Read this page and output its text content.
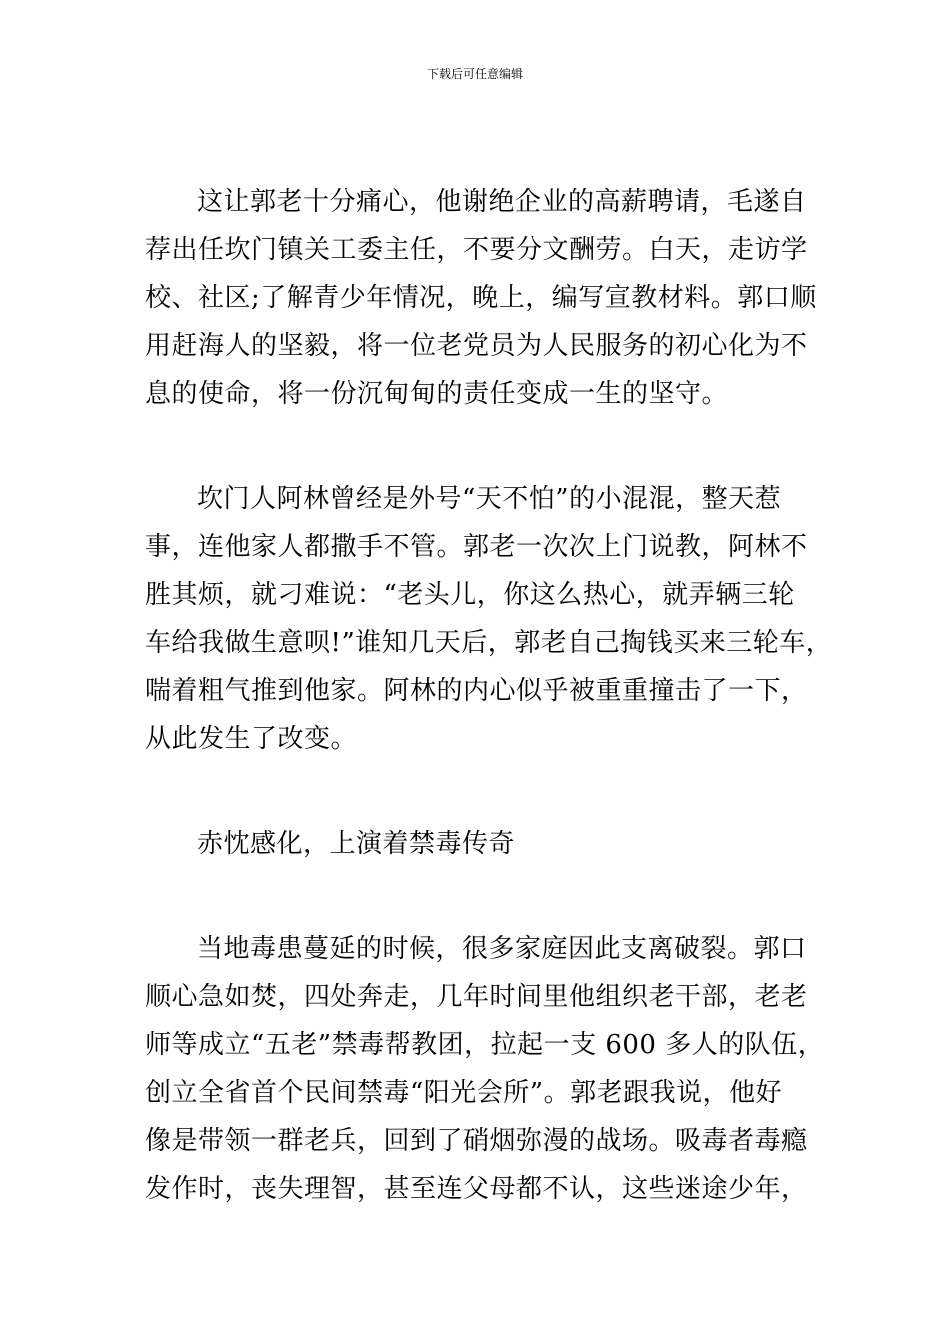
下载后可任意编辑

这让郭老十分痛心，他谢绝企业的高薪聘请，毛遂自
荐出任坎门镇关工委主任，不要分文酬劳。白天，走访学
校、社区;了解青少年情况，晚上，编写宣教材料。郭口顺
用赶海人的坚毅，将一位老党员为人民服务的初心化为不
息的使命，将一份沉甸甸的责任变成一生的坚守。

坎门人阿林曾经是外号“天不怕”的小混混，整天惹
事，连他家人都撒手不管。郭老一次次上门说教，阿林不
胜其烦，就刁难说：“老头儿，你这么热心，就弄辆三轮
车给我做生意呗!”谁知几天后，郭老自己掏钱买来三轮车，
喘着粗气推到他家。阿林的内心似乎被重重撞击了一下，
从此发生了改变。

赤忱感化，上演着禁毒传奇

当地毒患蔓延的时候，很多家庭因此支离破裂。郭口
顺心急如焚，四处奔走，几年时间里他组织老干部，老老
师等成立“五老”禁毒帮教团，拉起一支 600 多人的队伍，
创立全省首个民间禁毒“阳光会所”。郭老跟我说，他好
像是带领一群老兵，回到了硝烟弥漫的战场。吸毒者毒瘾
发作时，丧失理智，甚至连父母都不认，这些迷途少年，
